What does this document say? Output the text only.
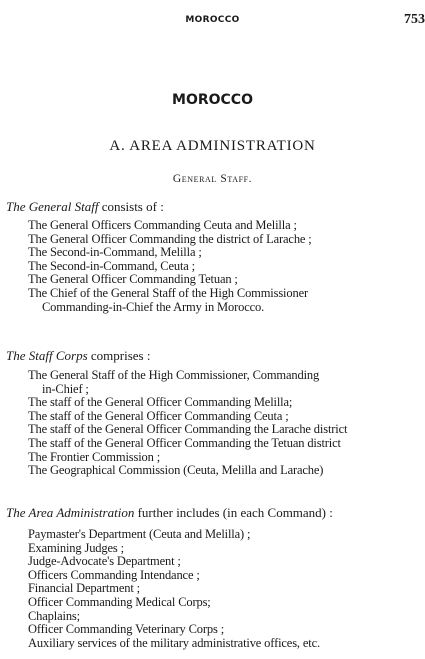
MOROCCO	753
MOROCCO
A. AREA ADMINISTRATION
General Staff.
The General Staff consists of :
The General Officers Commanding Ceuta and Melilla ;
The General Officer Commanding the district of Larache ;
The Second-in-Command, Melilla ;
The Second-in-Command, Ceuta ;
The General Officer Commanding Tetuan ;
The Chief of the General Staff of the High Commissioner
Commanding-in-Chief the Army in Morocco.
The Staff Corps comprises :
The General Staff of the High Commissioner, Commanding
in-Chief ;
The staff of the General Officer Commanding Melilla;
The staff of the General Officer Commanding Ceuta ;
The staff of the General Officer Commanding the Larache district
The staff of the General Officer Commanding the Tetuan district
The Frontier Commission ;
The Geographical Commission (Ceuta, Melilla and Larache)
The Area Administration further includes (in each Command) :
Paymaster's Department (Ceuta and Melilla) ;
Examining Judges ;
Judge-Advocate's Department ;
Officers Commanding Intendance ;
Financial Department ;
Officer Commanding Medical Corps;
Chaplains;
Officer Commanding Veterinary Corps ;
Auxiliary services of the military administrative offices, etc.
